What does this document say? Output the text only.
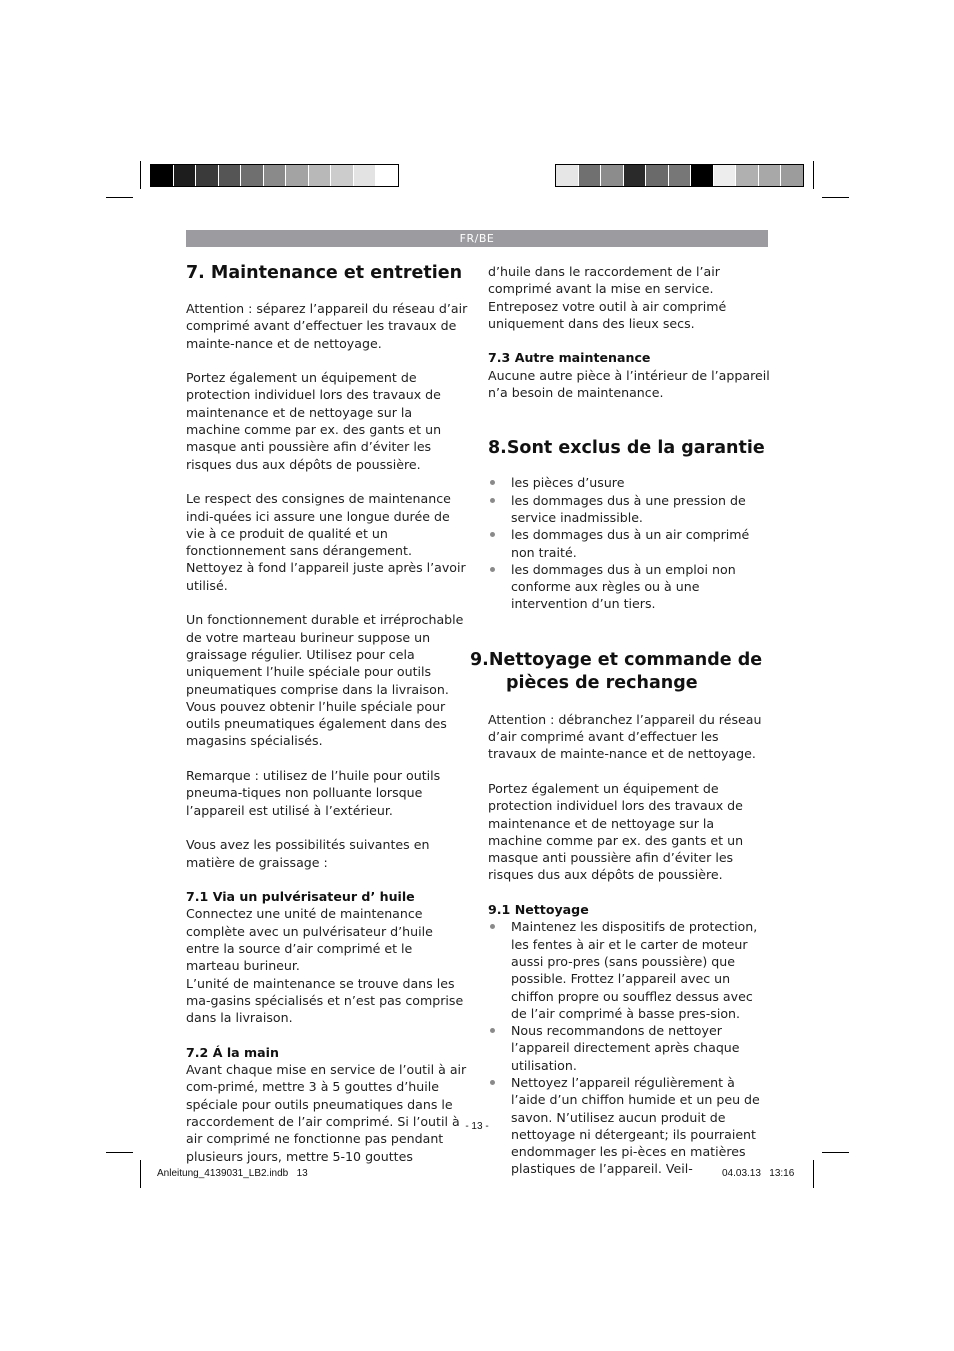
FR/BE
7. Maintenance et entretien

Attention : séparez l’appareil du réseau d’air comprimé avant d’effectuer les travaux de mainte-nance et de nettoyage.

Portez également un équipement de protection individuel lors des travaux de maintenance et de nettoyage sur la machine comme par ex. des gants et un masque anti poussière afin d’éviter les risques dus aux dépôts de poussière.

Le respect des consignes de maintenance indi-quées ici assure une longue durée de vie à ce produit de qualité et un fonctionnement sans dérangement.

Nettoyez à fond l’appareil juste après l’avoir utilisé.

Un fonctionnement durable et irréprochable de votre marteau burineur suppose un graissage régulier. Utilisez pour cela uniquement l’huile spéciale pour outils pneumatiques comprise dans la livraison. Vous pouvez obtenir l’huile spéciale pour outils pneumatiques également dans des magasins spécialisés.

Remarque : utilisez de l’huile pour outils pneuma-tiques non polluante lorsque l’appareil est utilisé à l’extérieur.

Vous avez les possibilités suivantes en matière de graissage :

7.1 Via un pulvérisateur d’ huile

Connectez une unité de maintenance complète avec un pulvérisateur d’huile entre la source d’air comprimé et le marteau burineur.

L’unité de maintenance se trouve dans les ma-gasins spécialisés et n’est pas comprise dans la livraison.

7.2 Á la main

Avant chaque mise en service de l’outil à air com-primé, mettre 3 à 5 gouttes d’huile spéciale pour outils pneumatiques dans le raccordement de l’air comprimé. Si l’outil à air comprimé ne fonctionne pas pendant plusieurs jours, mettre 5-10 gouttes

d’huile dans le raccordement de l’air comprimé avant la mise en service. Entreposez votre outil à air comprimé uniquement dans des lieux secs.

7.3 Autre maintenance

Aucune autre pièce à l’intérieur de l’appareil n’a besoin de maintenance.

8.Sont exclus de la garantie
les pièces d’usure
les dommages dus à une pression de service inadmissible.
les dommages dus à un air comprimé non traité.
les dommages dus à un emploi non conforme aux règles ou à une intervention d’un tiers.
9.Nettoyage et commande de pièces de rechange

Attention : débranchez l’appareil du réseau d’air comprimé avant d’effectuer les travaux de mainte-nance et de nettoyage.

Portez également un équipement de protection individuel lors des travaux de maintenance et de nettoyage sur la machine comme par ex. des gants et un masque anti poussière afin d’éviter les risques dus aux dépôts de poussière.

9.1 Nettoyage

Maintenez les dispositifs de protection, les fentes à air et le carter de moteur aussi pro-pres (sans poussière) que possible. Frottez l’appareil avec un chiffon propre ou soufflez dessus avec de l’air comprimé à basse pres-sion.
Nous recommandons de nettoyer l’appareil directement après chaque utilisation.
Nettoyez l’appareil régulièrement à l’aide d’un chiffon humide et un peu de savon. N’utilisez aucun produit de nettoyage ni détergeant; ils pourraient endommager les pi-èces en matières plastiques de l’appareil. Veil-
- 13 -
Anleitung_4139031_LB2.indb   13	04.03.13   13:16
